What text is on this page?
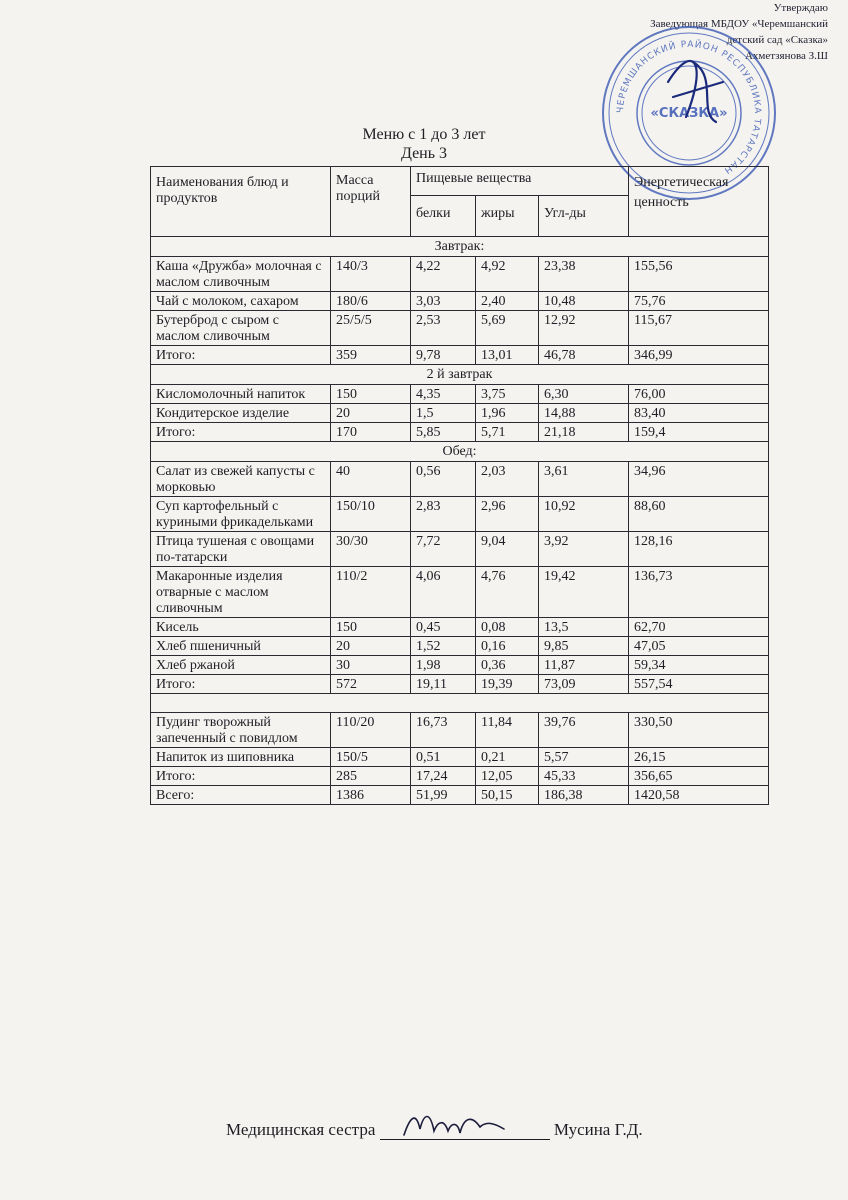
Утверждаю
Заведующая МБДОУ «Черемшанский
детский сад «Сказка»
Ахметзянова З.Ш
ЧЕРЕМШАНСКИЙ РАЙОН РЕСПУБЛИКА ТАТАРСТАН
«СКАЗКА»
Меню с 1 до 3 лет
День 3
Наименования блюд и продуктов	Масса порций	Пищевые вещества			Энергетическая ценность
		белки	жиры	Угл-ды	
Завтрак:					
Каша «Дружба» молочная с маслом сливочным	140/3	4,22	4,92	23,38	155,56
Чай с молоком, сахаром	180/6	3,03	2,40	10,48	75,76
Бутерброд с сыром с маслом сливочным	25/5/5	2,53	5,69	12,92	115,67
Итого:	359	9,78	13,01	46,78	346,99
2 й завтрак					
Кисломолочный напиток	150	4,35	3,75	6,30	76,00
Кондитерское изделие	20	1,5	1,96	14,88	83,40
Итого:	170	5,85	5,71	21,18	159,4
Обед:					
Салат из свежей капусты с морковью	40	0,56	2,03	3,61	34,96
Суп картофельный с куриными фрикадельками	150/10	2,83	2,96	10,92	88,60
Птица тушеная с овощами по-татарски	30/30	7,72	9,04	3,92	128,16
Макаронные изделия отварные с маслом сливочным	110/2	4,06	4,76	19,42	136,73
Кисель	150	0,45	0,08	13,5	62,70
Хлеб пшеничный	20	1,52	0,16	9,85	47,05
Хлеб ржаной	30	1,98	0,36	11,87	59,34
Итого:	572	19,11	19,39	73,09	557,54

Пудинг творожный запеченный с повидлом	110/20	16,73	11,84	39,76	330,50
Напиток из шиповника	150/5	0,51	0,21	5,57	26,15
Итого:	285	17,24	12,05	45,33	356,65
Всего:	1386	51,99	50,15	186,38	1420,58
Медицинская сестра	Мусина Г.Д.
